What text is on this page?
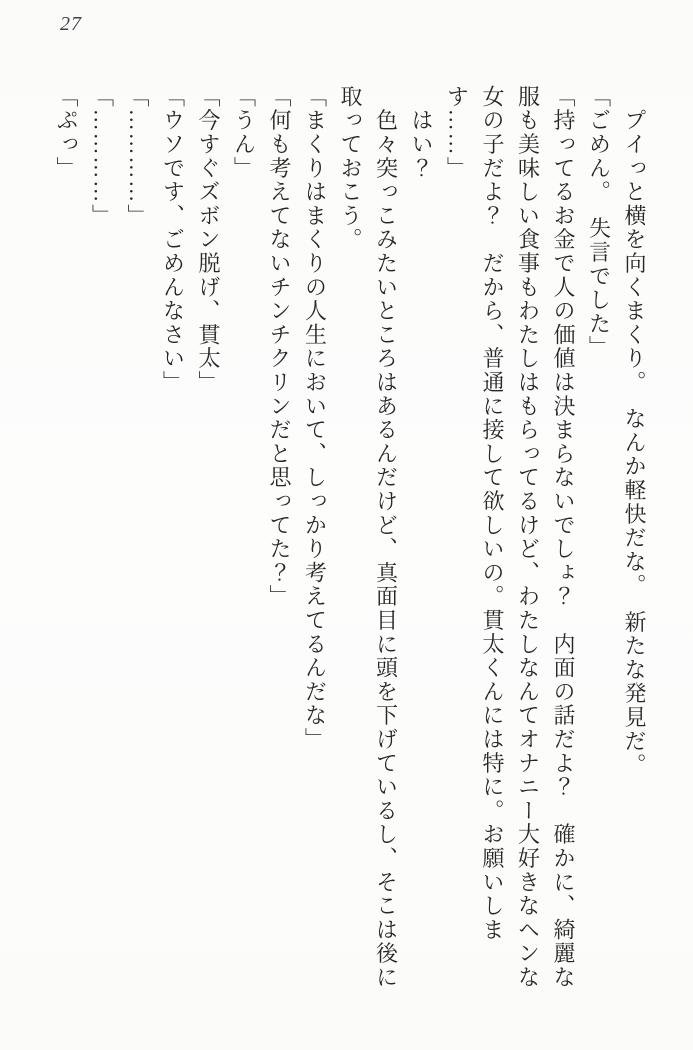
27

　プイっと横を向くまくり。　なんか軽快だな。　新たな発見だ。

「ごめん。　失言でした」

「持ってるお金で人の価値は決まらないでしょ？　内面の話だよ？　確かに、綺麗な服も美味しい食事もわたしはもらってるけど、わたしなんてオナニー大好きなヘンな女の子だよ？　だから、普通に接して欲しいの。貫太くんには特に。お願いします……」

　はい？

　色々突っこみたいところはあるんだけど、真面目に頭を下げているし、そこは後に取っておこう。

「まくりはまくりの人生において、しっかり考えてるんだな」

「何も考えてないチンチクリンだと思ってた？」

「うん」

「今すぐズボン脱げ、貫太」

「ウソです、ごめんなさい」

「…………」

「…………」

「ぷっ」
